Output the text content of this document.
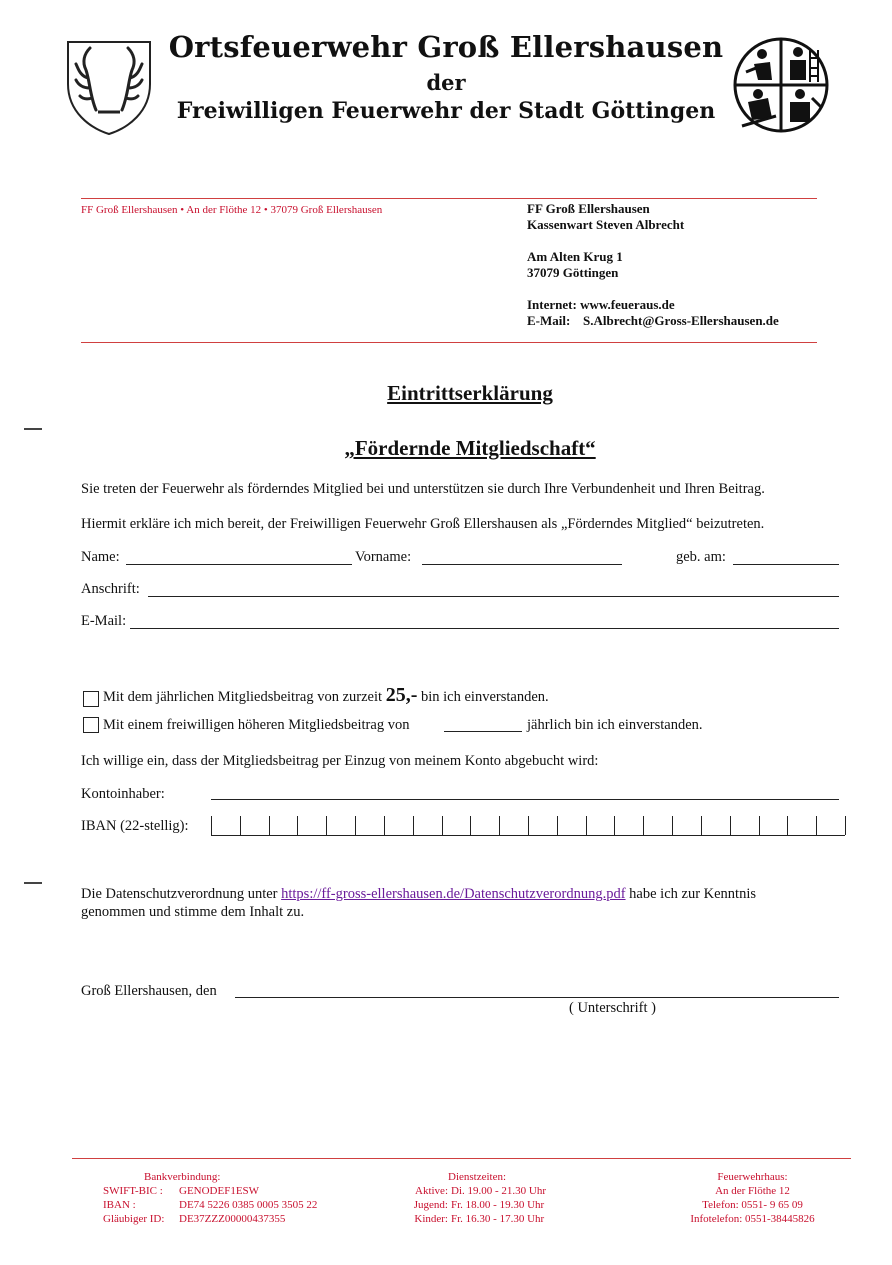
Ortsfeuerwehr Groß Ellershausen
der
Freiwilligen Feuerwehr der Stadt Göttingen
FF Groß Ellershausen • An der Flöthe 12 • 37079 Groß Ellershausen	FF Groß Ellershausen
Kassenwart Steven Albrecht
Am Alten Krug 1
37079 Göttingen
Internet: www.feueraus.de
E-Mail: S.Albrecht@Gross-Ellershausen.de
Eintrittserklärung
„Fördernde Mitgliedschaft“
Sie treten der Feuerwehr als förderndes Mitglied bei und unterstützen sie durch Ihre Verbundenheit und Ihren Beitrag.
Hiermit erkläre ich mich bereit, der Freiwilligen Feuerwehr Groß Ellershausen als „Förderndes Mitglied“ beizutreten.
Name:	Vorname:	geb. am:
Anschrift:
E-Mail:
Mit dem jährlichen Mitgliedsbeitrag von zurzeit 25,- bin ich einverstanden.
Mit einem freiwilligen höheren Mitgliedsbeitrag von	jährlich bin ich einverstanden.
Ich willige ein, dass der Mitgliedsbeitrag per Einzug von meinem Konto abgebucht wird:
Kontoinhaber:
IBAN (22-stellig):
Die Datenschutzverordnung unter https://ff-gross-ellershausen.de/Datenschutzverordnung.pdf habe ich zur Kenntnis
genommen und stimme dem Inhalt zu.
Groß Ellershausen, den
( Unterschrift )
Bankverbindung:
SWIFT-BIC : GENODEF1ESW
IBAN :	DE74 5226 0385 0005 3505 22
Gläubiger ID: DE37ZZZ00000437355
Dienstzeiten:
Aktive: Di. 19.00 - 21.30 Uhr
Jugend: Fr. 18.00 - 19.30 Uhr
Kinder: Fr. 16.30 - 17.30 Uhr
Feuerwehrhaus:
An der Flöthe 12
Telefon: 0551- 9 65 09
Infotelefon: 0551-38445826
